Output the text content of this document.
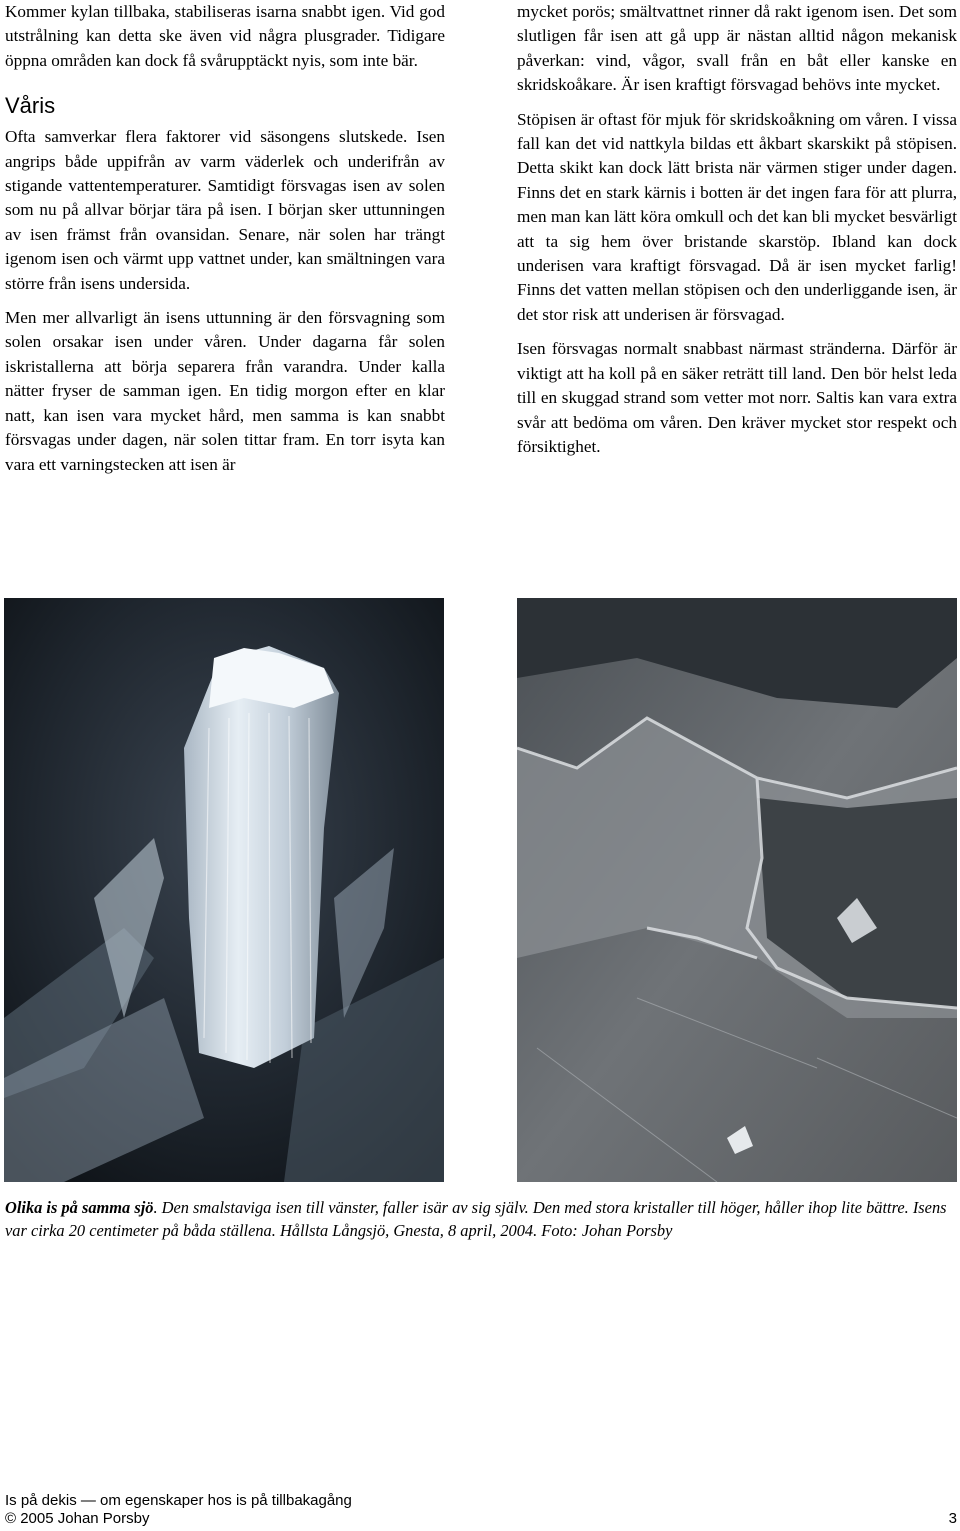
Kommer kylan tillbaka, stabiliseras isarna snabbt igen. Vid god utstrålning kan detta ske även vid några plusgrader. Tidigare öppna områden kan dock få svårupptäckt nyis, som inte bär.

Våris

Ofta samverkar flera faktorer vid säsongens slutskede. Isen angrips både uppifrån av varm väderlek och underifrån av stigande vattentemperaturer. Samtidigt försvagas isen av solen som nu på allvar börjar tära på isen. I början sker uttunningen av isen främst från ovansidan. Senare, när solen har trängt igenom isen och värmt upp vattnet under, kan smältningen vara större från isens undersida.

Men mer allvarligt än isens uttunning är den försvagning som solen orsakar isen under våren. Under dagarna får solen iskristallerna att börja separera från varandra. Under kalla nätter fryser de samman igen. En tidig morgon efter en klar natt, kan isen vara mycket hård, men samma is kan snabbt försvagas under dagen, när solen tittar fram. En torr isyta kan vara ett varningstecken att isen är

mycket porös; smältvattnet rinner då rakt igenom isen. Det som slutligen får isen att gå upp är nästan alltid någon mekanisk påverkan: vind, vågor, svall från en båt eller kanske en skridskoåkare. Är isen kraftigt försvagad behövs inte mycket.

Stöpisen är oftast för mjuk för skridskoåkning om våren. I vissa fall kan det vid nattkyla bildas ett åkbart skarskikt på stöpisen. Detta skikt kan dock lätt brista när värmen stiger under dagen. Finns det en stark kärnis i botten är det ingen fara för att plurra, men man kan lätt köra omkull och det kan bli mycket besvärligt att ta sig hem över bristande skarstöp. Ibland kan dock underisen vara kraftigt försvagad. Då är isen mycket farlig! Finns det vatten mellan stöpisen och den underliggande isen, är det stor risk att underisen är försvagad.

Isen försvagas normalt snabbast närmast stränderna. Därför är viktigt att ha koll på en säker reträtt till land. Den bör helst leda till en skuggad strand som vetter mot norr. Saltis kan vara extra svår att bedöma om våren. Den kräver mycket stor respekt och försiktighet.

Olika is på samma sjö. Den smalstaviga isen till vänster, faller isär av sig själv. Den med stora kristaller till höger, håller ihop lite bättre. Isens var cirka 20 centimeter på båda ställena. Hållsta Långsjö, Gnesta, 8 april, 2004. Foto: Johan Porsby
Is på dekis — om egenskaper hos is på tillbakagång
© 2005 Johan Porsby	3
